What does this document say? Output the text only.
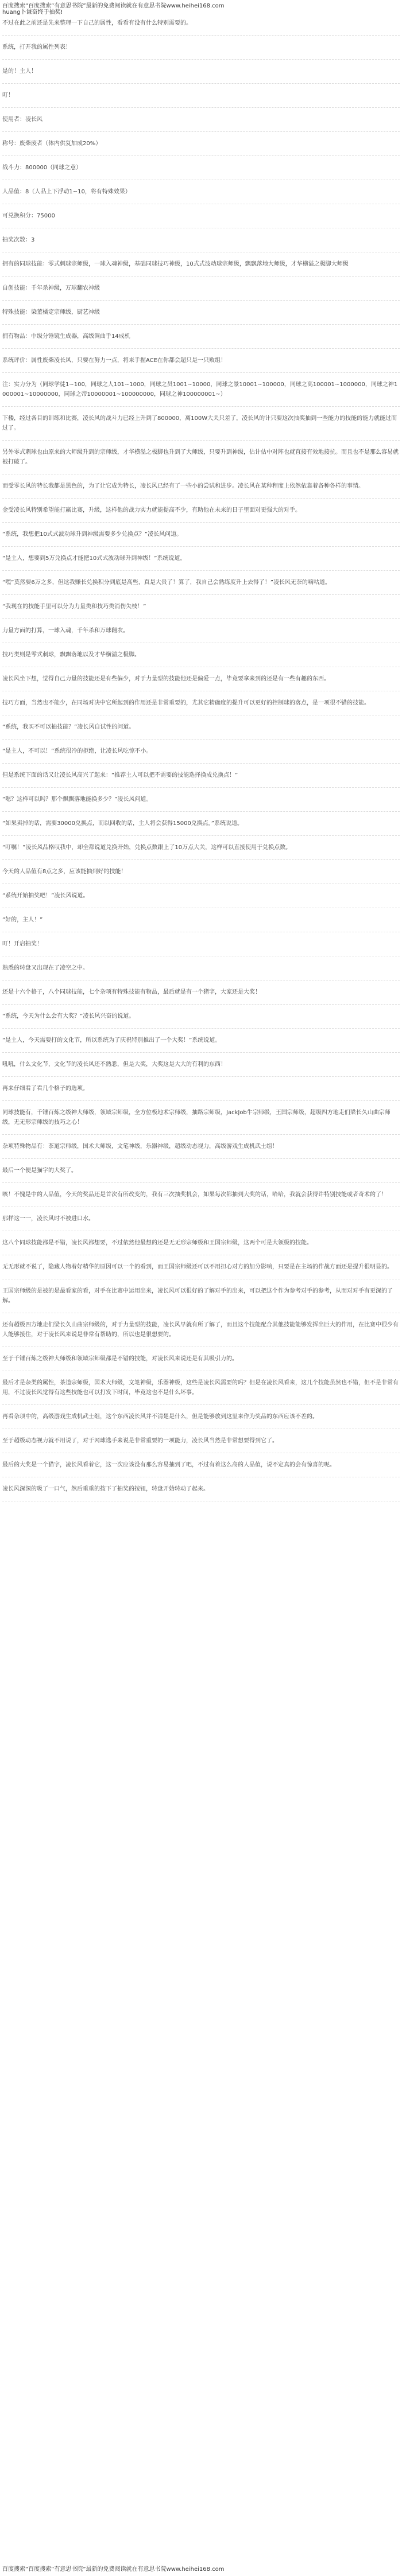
百度搜索“百度搜索“有意思书院”最新的免费阅读就在有意思书院www.heihei168.com
huang卜谦奋终于抽奖!
不过在此之前还是先来整理一下自己的属性，看看有没有什么特别需要的。
系统，打开我的属性列表！
是的！主人！
叮！
使用者：凌长风
称号：废柴废者（体内供复加成20%）
战斗力：800000（同球之意）
人品值：8（人品上下浮动1~10，将有特殊效果）
可兑换积分：75000
抽奖次数：3
拥有的同球技能：零式刺球宗师级，一球入魂神级，基础同球技巧神级，10式式波动球宗师级，飘飘落地大师级，才华横溢之极脚大师级
自创技能：千年杀神级，万球翻农神级
特殊技能：染董橘定宗师级，厨艺神级
拥有物品：中级分锤镜生成器，高级调曲手14成机
系统评价：属性废柴凌长风，只要在努力一点，将来手握ACE在你都会超只是一只败组！
注：实力分为（同球学徒1~100，同球之人101~1000，同球之员1001~10000，同球之景10001~100000，同球之高100001~1000000，同球之神1000001~10000000，同球之帝10000001~100000000，同球之神100000001~）
下楼，经过各目的训练和比赛，凌长风的战斗力已经上升到了800000，离100W大关只差了，凌长风的计只要这次抽奖抽到一些能力的技能的能力就能过而过了。
另外零式刺球也由原来的大师级升到的宗师级，才华横溢之极脚也升到了大师级，只要升到神级，估计估中对阵也就直接有效地接抗。而且也不是那么容易就被打破了。
而受零长风的特长我都是黑色的，为了让它成为特长，凌长风已经有了一些小的尝试和进步。凌长风在某种程度上依然依靠着各种各样的事情。
金受凌长风特别希望能打赢比赛，升级，这样他的战力实力就能提高不少，有助他在未来的日子里面对更强大的对手。
“系统，我想把10式式波动球升到神级需要多少兑换点？”凌长风问道。
“是主人，想要到5万兑换点才能把10式式波动球升到神级！”系统说道。
“嘿”莫然要6万之多，但这我赚长兑换积分到底是高些，真是大贵了！算了，我自己会熟练度升上去得了！”凌长风无奈的嘀咕道。
“我现在的技能手里可以分为力量类和技巧类消伤失枝！”
力量方面的打算，一球入魂，千年杀和万球翻农。
技巧类则是零式刺球，飘飘落地以及才华横溢之极脚。
凌长风坐下想，觉得自己力量的技能还是有些偏少，对于力量型的技能他还是偏爱一点，毕竟要拿来到的还是有一些有趣的东西。
技巧方面，当然也不能少，在同场对决中它所起到的作用还是非常重要的，尤其它精确度的提升可以更好的控制球的落点，是一项很不错的技能。
“系统，我买不可以抽技能？”凌长风自试性的问道。
“是主人，不可以！”系统很冷的拒绝，让凌长风吃惊不小。
但是系统下面的话又让凌长风高兴了起来：“推荐主人可以把不需要的技能选择换成兑换点！”
“嗯？这样可以吗？那个飘飘落地能换多少？”凌长风问道。
“如果卖掉的话，需要30000兑换点，而以回收的话，主人将会获得15000兑换点。”系统说道。
“叮嘱！”凌长风品格叹我中，却全都说道兑换开始，兑换点数跟上了10万点大关，这样可以直接使用于兑换点数。
今天的人品值有8点之多，应该能抽到好的技能！
“系统开始抽奖吧！”凌长风说道。
“好的，主人！”
叮！开启抽奖！
熟悉的转盘又出现在了凌空之中。
还是十六个格子，八个同球技能，七个杂项有特殊技能有物品，最后就是有一个猪字，大家还是大奖！
“系统，今天为什么会有大奖？”凌长风兴奋的说道。
“是主人，今天需要打的文化节，所以系统为了庆祝特别推出了一个大奖！”系统说道。
吼吼，什么文化节，文化节的凌长风还不熟悉，但是大奖，大奖这是大大的有利的东西！
再来仔细看了看几个格子的选项。
同球技能有，千锤百炼之级神大师级，领域宗师级，全方位极地术宗师级，抽路宗师级，JackJob牛宗师级，王国宗师级，超级四方地走们梁长久山曲宗师级，无无形宗师级的技巧之心！
杂项特殊物品有：茶道宗师级，国术大师级，文笔神级，乐器神级，超级动态视力，高级游戏生成机武士组！
最后一个便是猫字的大奖了。
咳！不愧是中的人品值，今天的奖品还是首次有所改变的，我有三次抽奖机会，如果每次都抽到大奖的话，哈哈，我就会获得许特别技能或者奇术的了！
那样这一一，凌长风时不被进口水。
这八个同球技能都是不错，凌长风都想要，不过依然他最想的还是无无形宗师级和王国宗师级，这两个可是大领级的技能。
无无形就不说了，隐藏人物着好精华的原因可以一个的看到，而王国宗师级还可以不用担心对方的加分影响，只要是在主场的作战方面还是提升很明显的。
王国宗师级的是被的是最看家的看，对手在比赛中运用出来，凌长风可以很好的了解对手的出来，可以把这个作为参考对手的参考，从而对对手有更深的了解。
还有超级四方地走们梁长久山曲宗师级的，对于力量型的技能，凌长风早就有所了解了，而且这个技能配合其他技能能够发挥出巨大的作用，在比赛中很少有人能够接住，对于凌长风来说是非常有帮助的，所以也是很想要的。
至于千锤百炼之级神大师级和领域宗师级都是不错的技能，对凌长风来说还是有其吸引力的。
最后才是杂类的属性，茶道宗师级，国术大师级，文笔神级，乐器神级，这些是凌长风需要的吗？但是在凌长风看来，这几个技能虽然也不错，但不是非常有用，不过凌长风觉得有这些技能也可以打发下时间，毕竟这也不是什么坏事。
再看杂项中的，高级游戏生成机武士组，这个东西凌长风并不清楚是什么，但是能够放到这里来作为奖品的东西应该不差的。
至于超级动态视力就不用说了，对于网球选手来说是非常重要的一项能力，凌长风当然是非常想要得到它了。
最后的大奖是一个猫字，凌长风看着它，这一次应该没有那么容易抽到了吧，不过有着这么高的人品值，说不定真的会有惊喜的呢。
凌长风深深的吸了一口气，然后重重的按下了抽奖的按钮，转盘开始转动了起来。
百度搜索“百度搜索“有意思书院”最新的免费阅读就在有意思书院www.heihei168.com
